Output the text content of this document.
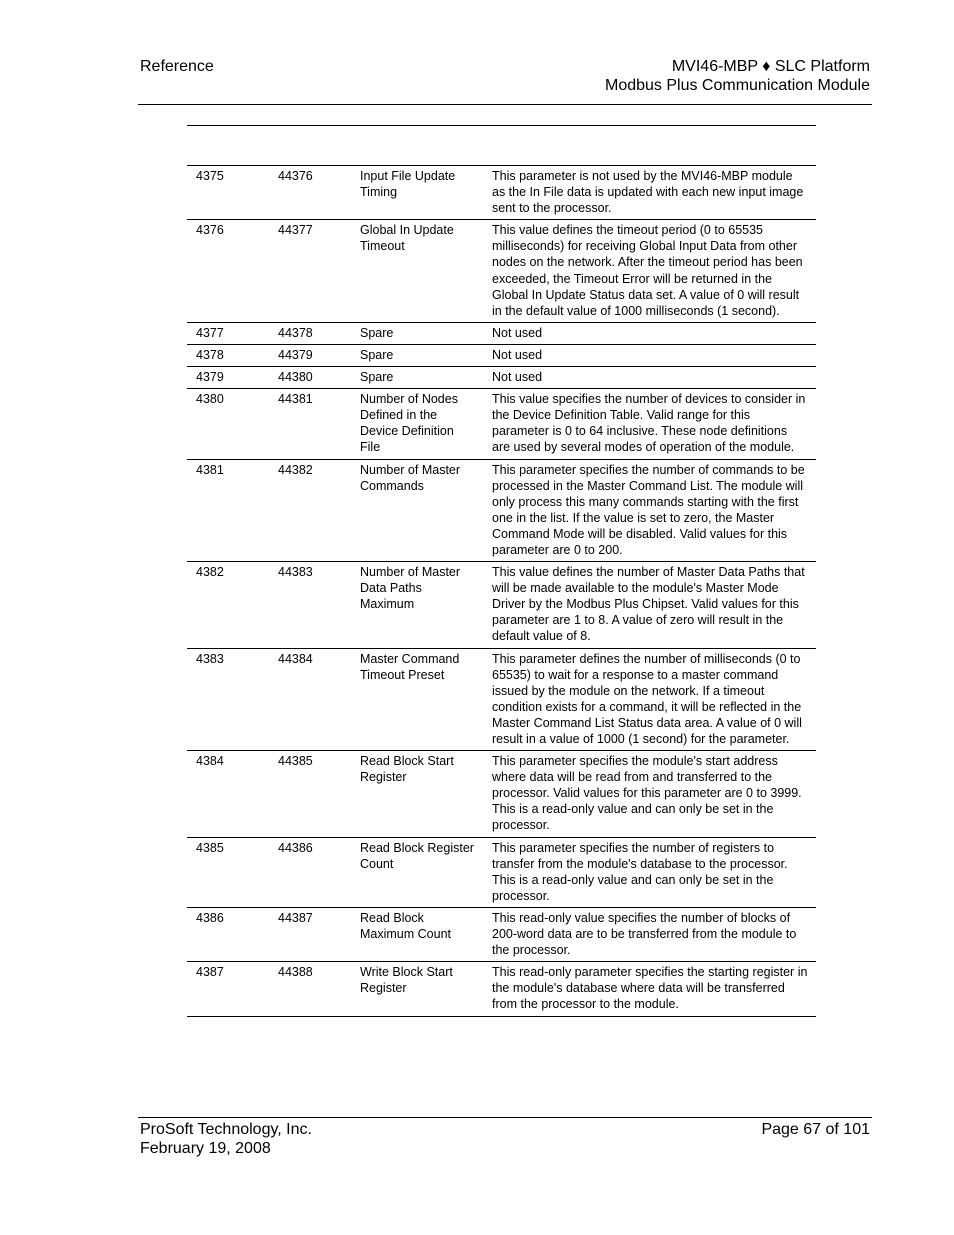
Reference	MVI46-MBP ♦ SLC Platform
Modbus Plus Communication Module
4375	44376	Input File Update Timing	This parameter is not used by the MVI46-MBP module as the In File data is updated with each new input image sent to the processor.
4376	44377	Global In Update Timeout	This value defines the timeout period (0 to 65535 milliseconds) for receiving Global Input Data from other nodes on the network. After the timeout period has been exceeded, the Timeout Error will be returned in the Global In Update Status data set. A value of 0 will result in the default value of 1000 milliseconds (1 second).
4377	44378	Spare	Not used
4378	44379	Spare	Not used
4379	44380	Spare	Not used
4380	44381	Number of Nodes Defined in the Device Definition File	This value specifies the number of devices to consider in the Device Definition Table. Valid range for this parameter is 0 to 64 inclusive. These node definitions are used by several modes of operation of the module.
4381	44382	Number of Master Commands	This parameter specifies the number of commands to be processed in the Master Command List. The module will only process this many commands starting with the first one in the list. If the value is set to zero, the Master Command Mode will be disabled. Valid values for this parameter are 0 to 200.
4382	44383	Number of Master Data Paths Maximum	This value defines the number of Master Data Paths that will be made available to the module's Master Mode Driver by the Modbus Plus Chipset. Valid values for this parameter are 1 to 8. A value of zero will result in the default value of 8.
4383	44384	Master Command Timeout Preset	This parameter defines the number of milliseconds (0 to 65535) to wait for a response to a master command issued by the module on the network. If a timeout condition exists for a command, it will be reflected in the Master Command List Status data area. A value of 0 will result in a value of 1000 (1 second) for the parameter.
4384	44385	Read Block Start Register	This parameter specifies the module's start address where data will be read from and transferred to the processor. Valid values for this parameter are 0 to 3999. This is a read-only value and can only be set in the processor.
4385	44386	Read Block Register Count	This parameter specifies the number of registers to transfer from the module's database to the processor. This is a read-only value and can only be set in the processor.
4386	44387	Read Block Maximum Count	This read-only value specifies the number of blocks of 200-word data are to be transferred from the module to the processor.
4387	44388	Write Block Start Register	This read-only parameter specifies the starting register in the module's database where data will be transferred from the processor to the module.
ProSoft Technology, Inc.
February 19, 2008
Page 67 of 101
